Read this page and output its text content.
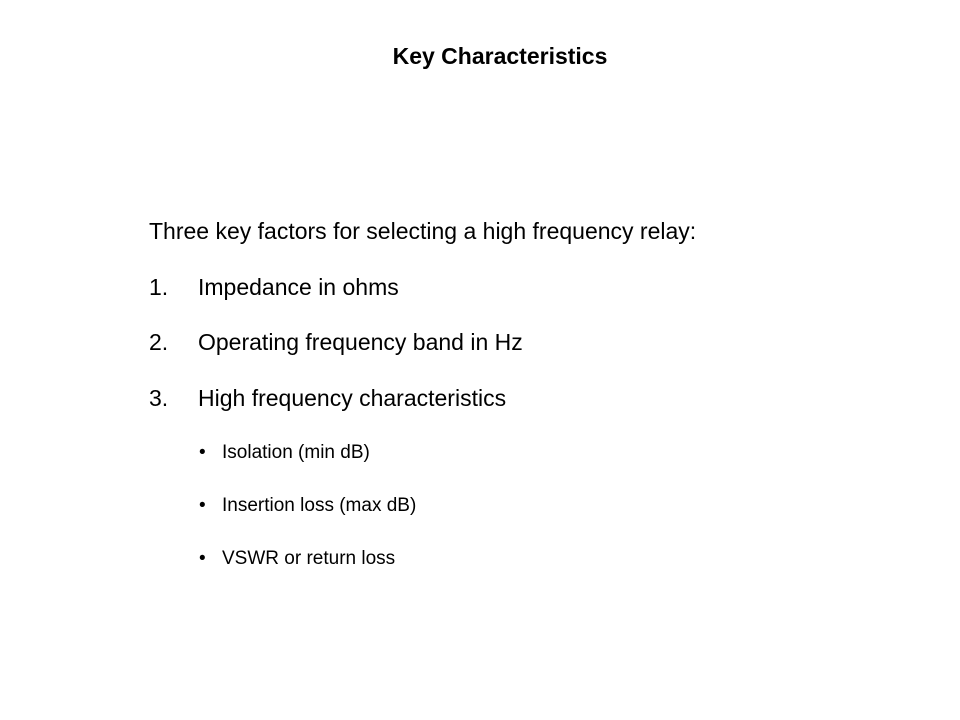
Key Characteristics

Three key factors for selecting a high frequency relay:

1. Impedance in ohms

2. Operating frequency band in Hz

3. High frequency characteristics

• Isolation (min dB)

• Insertion loss (max dB)

• VSWR or return loss
